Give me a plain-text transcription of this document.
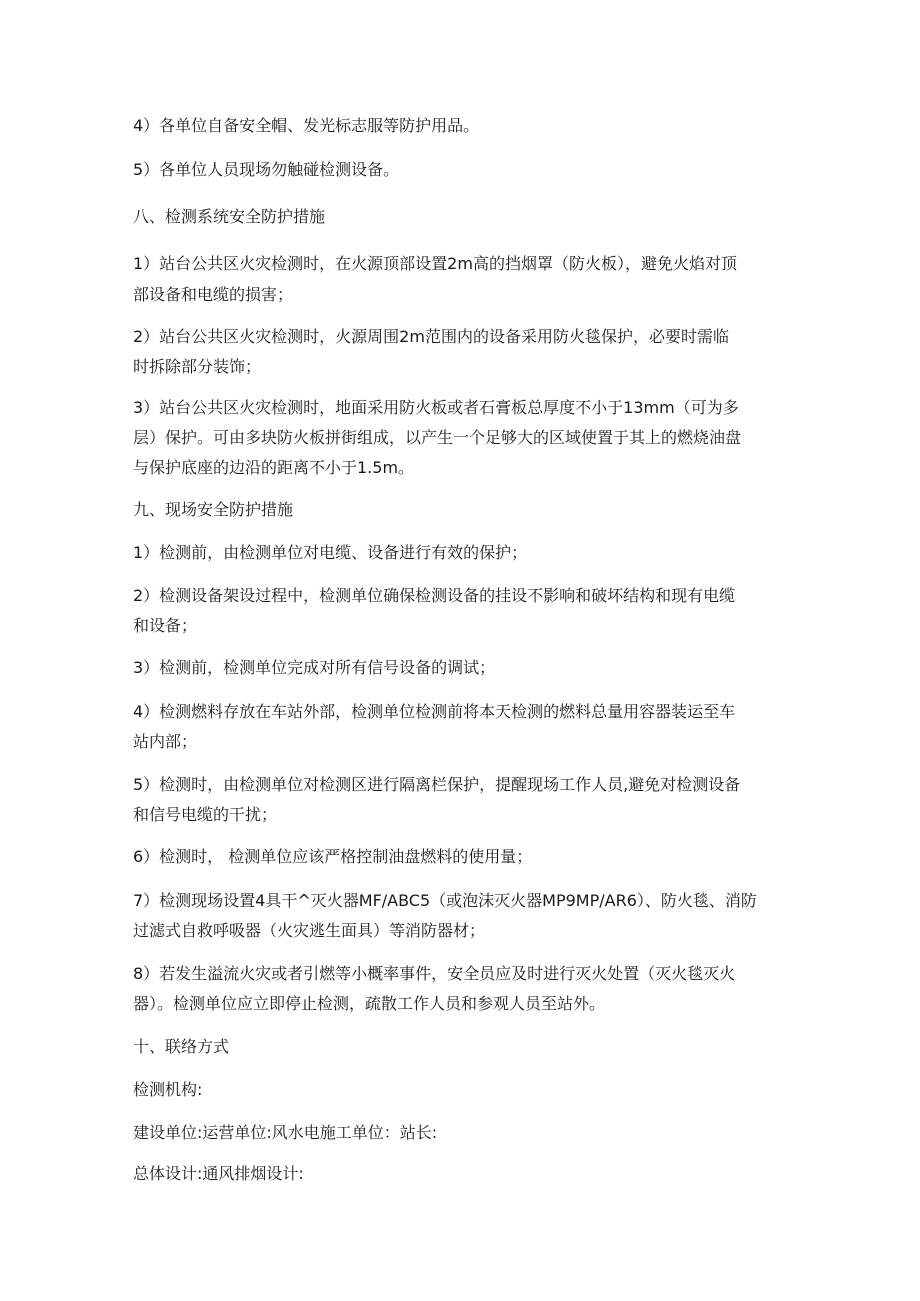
4）各单位自备安全帽、发光标志服等防护用品。
5）各单位人员现场勿触碰检测设备。
八、检测系统安全防护措施
1）站台公共区火灾检测时，在火源顶部设置2m高的挡烟罩（防火板），避免火焰对顶
部设备和电缆的损害；
2）站台公共区火灾检测时，火源周围2m范围内的设备采用防火毯保护，必要时需临
时拆除部分装饰；
3）站台公共区火灾检测时，地面采用防火板或者石膏板总厚度不小于13mm（可为多
层）保护。可由多块防火板拼街组成，以产生一个足够大的区域使置于其上的燃烧油盘
与保护底座的边沿的距离不小于1.5m。
九、现场安全防护措施
1）检测前，由检测单位对电缆、设备进行有效的保护；
2）检测设备架设过程中，检测单位确保检测设备的挂设不影响和破坏结构和现有电缆
和设备；
3）检测前，检测单位完成对所有信号设备的调试；
4）检测燃料存放在车站外部，检测单位检测前将本天检测的燃料总量用容器装运至车
站内部；
5）检测时，由检测单位对检测区进行隔离栏保护，提醒现场工作人员,避免对检测设备
和信号电缆的干扰；
6）检测时， 检测单位应该严格控制油盘燃料的使用量；
7）检测现场设置4具干^灭火器MF/ABC5（或泡沫灭火器MP9MP/AR6）、防火毯、消防
过滤式自救呼吸器（火灾逃生面具）等消防器材；
8）若发生溢流火灾或者引燃等小概率事件，安全员应及时进行灭火处置（灭火毯灭火
器）。检测单位应立即停止检测，疏散工作人员和参观人员至站外。
十、联络方式
检测机构:
建设单位:运营单位:风水电施工单位：站长:
总体设计:通风排烟设计:
